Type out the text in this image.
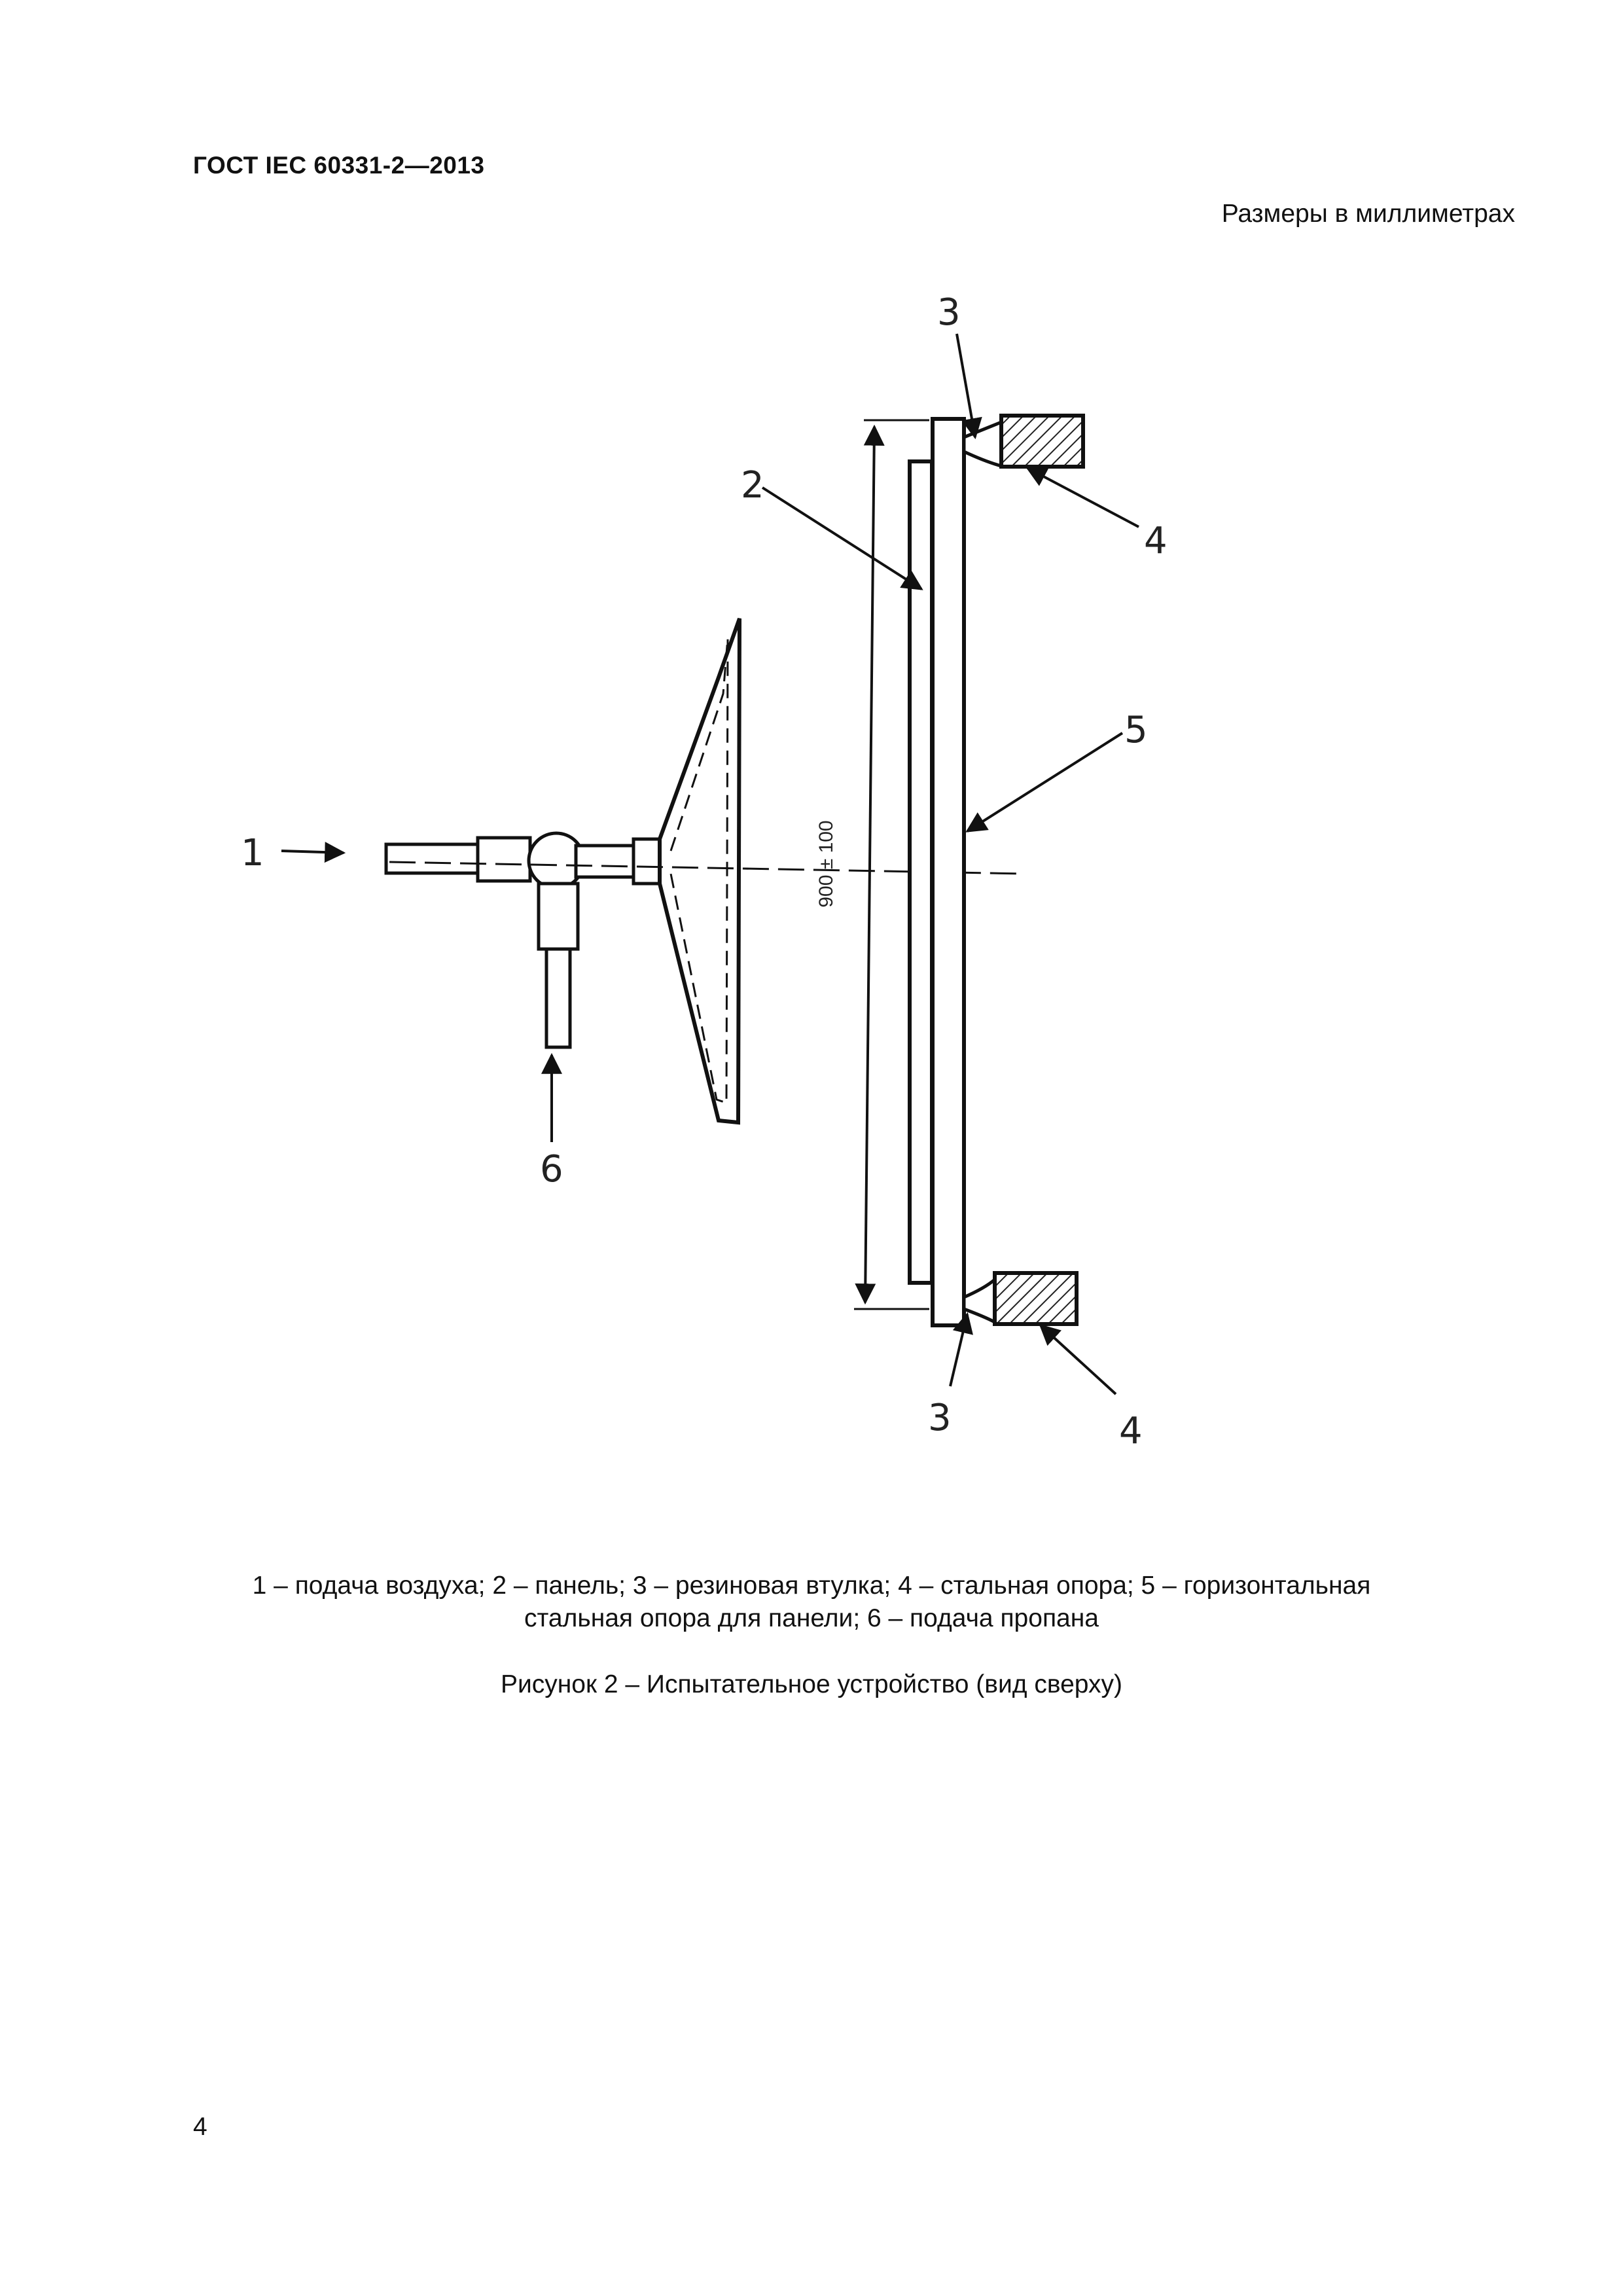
ГОСТ IEC 60331-2—2013
Размеры в миллиметрах
900 ± 100
1
2
3
4
5
6
3	4
1 – подача воздуха; 2 – панель; 3 – резиновая втулка; 4 – стальная опора; 5 – горизонтальная
стальная опора для панели; 6 – подача пропана
Рисунок 2 – Испытательное устройство (вид сверху)
4
